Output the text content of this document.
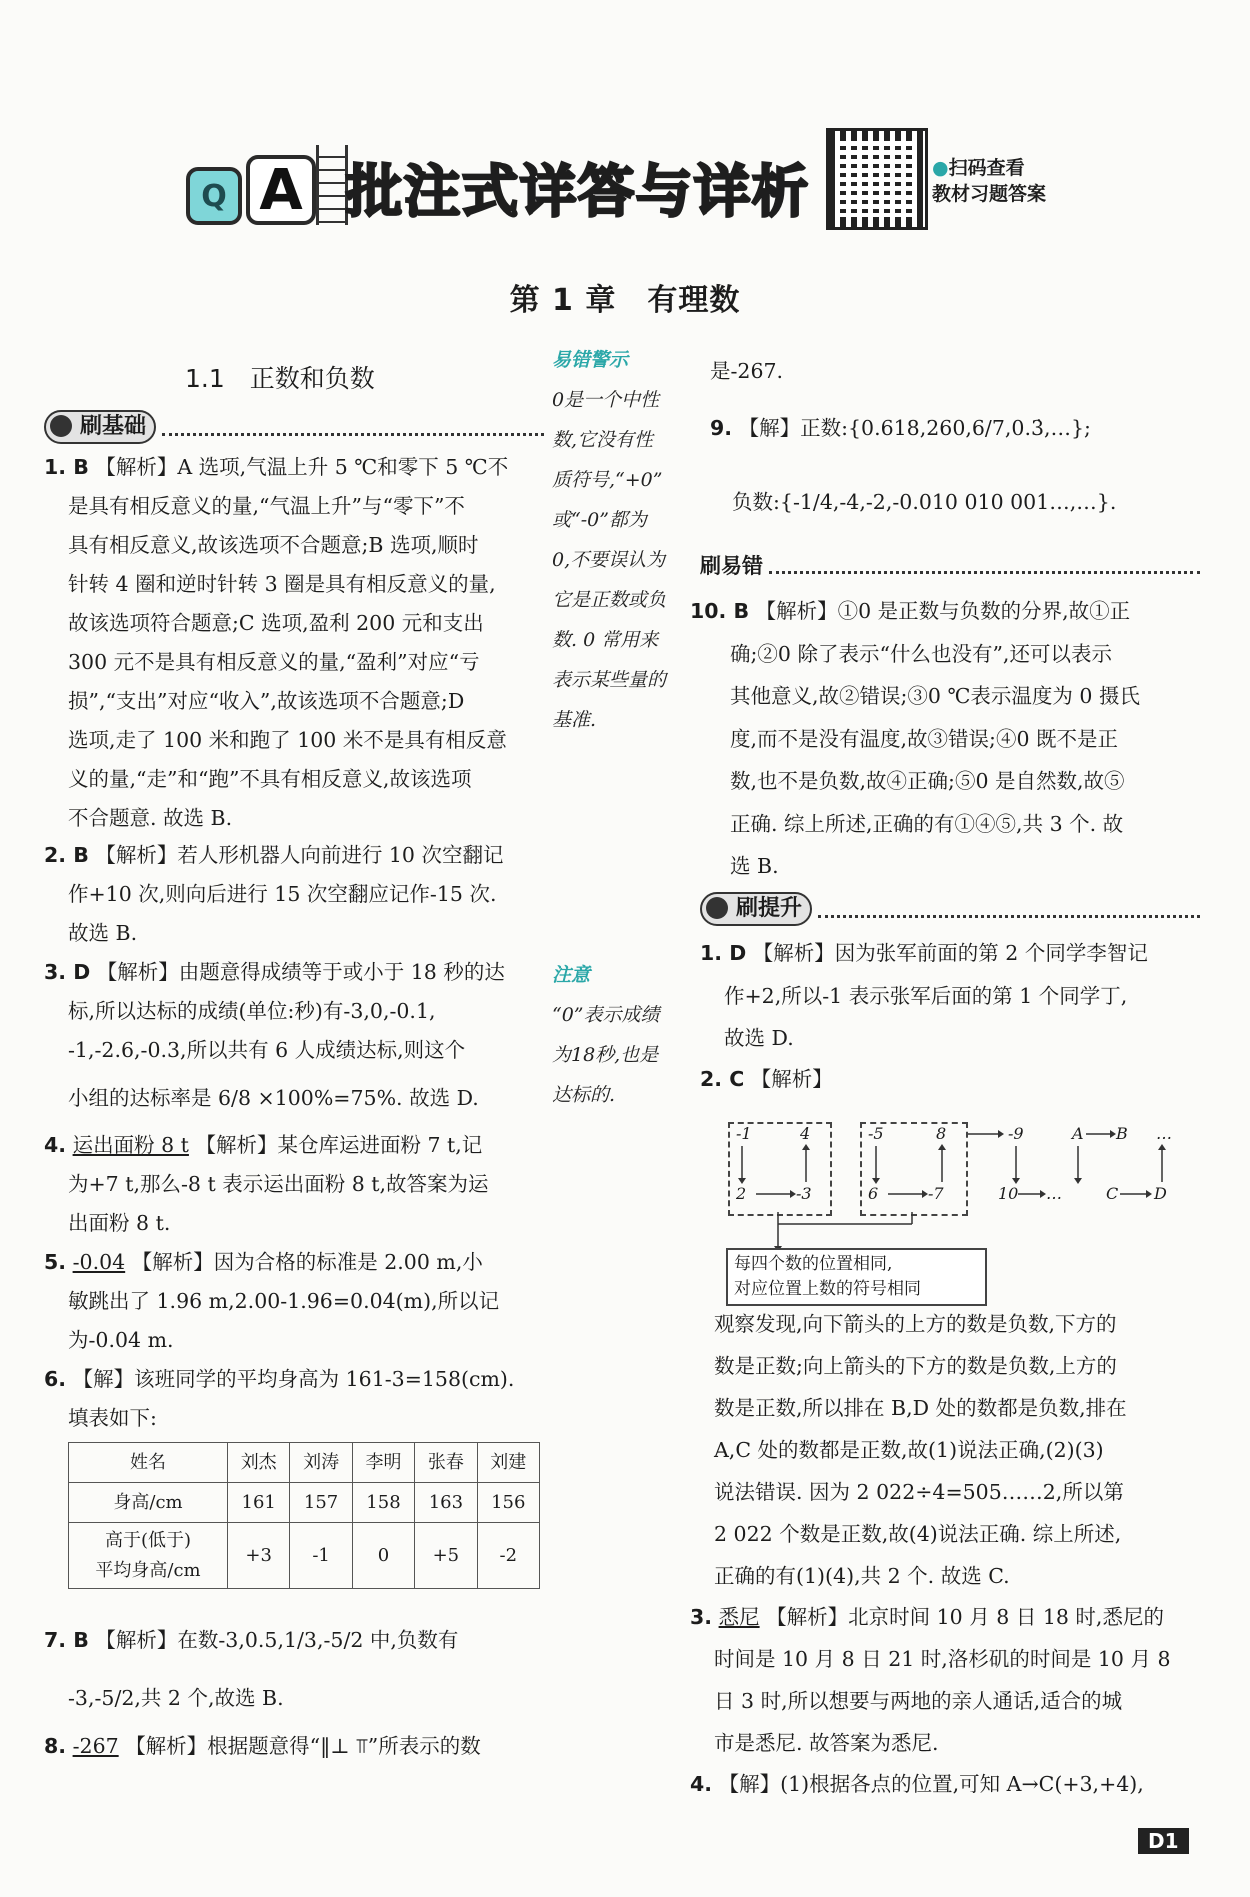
Q A 批注式详答与详析	●扫码查看
教材习题答案
第 1 章　有理数
1.1　正数和负数
刷基础
1. B 【解析】A 选项,气温上升 5 ℃和零下 5 ℃不

是具有相反意义的量,“气温上升”与“零下”不
具有相反意义,故该选项不合题意;B 选项,顺时
针转 4 圈和逆时针转 3 圈是具有相反意义的量,
故该选项符合题意;C 选项,盈利 200 元和支出
300 元不是具有相反意义的量,“盈利”对应“亏
损”,“支出”对应“收入”,故该选项不合题意;D
选项,走了 100 米和跑了 100 米不是具有相反意
义的量,“走”和“跑”不具有相反意义,故该选项
不合题意. 故选 B.
2. B 【解析】若人形机器人向前进行 10 次空翻记
作+10 次,则向后进行 15 次空翻应记作-15 次.
故选 B.
3. D 【解析】由题意得成绩等于或小于 18 秒的达
标,所以达标的成绩(单位:秒)有-3,0,-0.1,
-1,-2.6,-0.3,所以共有 6 人成绩达标,则这个
小组的达标率是 6/8 ×100%=75%. 故选 D.
4. 运出面粉 8 t 【解析】某仓库运进面粉 7 t,记
为+7 t,那么-8 t 表示运出面粉 8 t,故答案为运
出面粉 8 t.
5. -0.04 【解析】因为合格的标准是 2.00 m,小
敏跳出了 1.96 m,2.00-1.96=0.04(m),所以记
为-0.04 m.
6. 【解】该班同学的平均身高为 161-3=158(cm).
填表如下:
姓名	刘杰	刘涛	李明	张春	刘建
身高/cm	161	157	158	163	156

高于(低于)
平均身高/cm	+3	-1	0	+5	-2
7. B 【解析】在数-3,0.5,1/3,-5/2 中,负数有
-3,-5/2,共 2 个,故选 B.
8. -267 【解析】根据题意得“‖⊥ ⫪”所表示的数
易错警示
0是一个中性
数,它没有性
质符号,“+0”
或“-0”都为
0,不要误认为
它是正数或负
数. 0 常用来
表示某些量的
基准.
注意
“0”表示成绩
为18秒,也是
达标的.
是-267.
9. 【解】正数:{0.618,260,6/7,0.3̇,…};
负数:{-1/4,-4,-2,-0.010 010 001…,…}.
刷易错
10. B 【解析】①0 是正数与负数的分界,故①正
确;②0 除了表示“什么也没有”,还可以表示
其他意义,故②错误;③0 ℃表示温度为 0 摄氏
度,而不是没有温度,故③错误;④0 既不是正
数,也不是负数,故④正确;⑤0 是自然数,故⑤
正确. 综上所述,正确的有①④⑤,共 3 个. 故
选 B.
刷提升
1. D 【解析】因为张军前面的第 2 个同学李智记
作+2,所以-1 表示张军后面的第 1 个同学丁,
故选 D.
2. C 【解析】
-1	4
2	-3
-5	8
6	-7
-9
10 …
A B
C D
…
每四个数的位置相同,
对应位置上数的符号相同
观察发现,向下箭头的上方的数是负数,下方的
数是正数;向上箭头的下方的数是负数,上方的
数是正数,所以排在 B,D 处的数都是负数,排在
A,C 处的数都是正数,故(1)说法正确,(2)(3)
说法错误. 因为 2 022÷4=505……2,所以第
2 022 个数是正数,故(4)说法正确. 综上所述,
正确的有(1)(4),共 2 个. 故选 C.
3. 悉尼 【解析】北京时间 10 月 8 日 18 时,悉尼的
时间是 10 月 8 日 21 时,洛杉矶的时间是 10 月 8
日 3 时,所以想要与两地的亲人通话,适合的城
市是悉尼. 故答案为悉尼.
4. 【解】(1)根据各点的位置,可知 A→C(+3,+4),
D1
